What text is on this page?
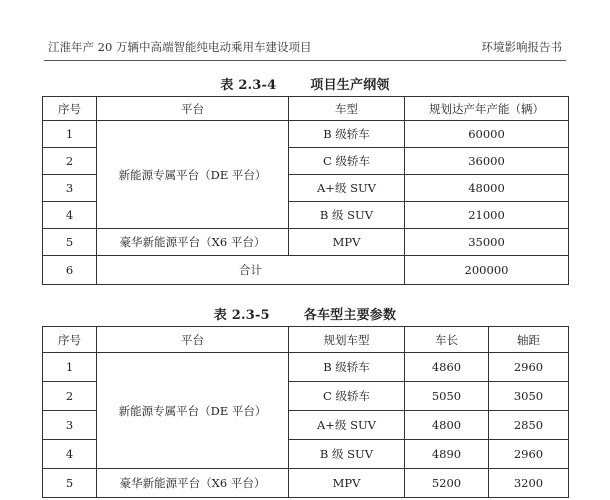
江淮年产 20 万辆中高端智能纯电动乘用车建设项目	环境影响报告书
表 2.3-4	项目生产纲领
序号	平台	车型	规划达产年产能（辆）
1	新能源专属平台（DE 平台）	B 级轿车	60000
2		C 级轿车	36000
3		A+级 SUV	48000
4		B 级 SUV	21000
5	豪华新能源平台（X6 平台）	MPV	35000
6	合计		200000
表 2.3-5	各车型主要参数
序号	平台	规划车型	车长	轴距
1	新能源专属平台（DE 平台）	B 级轿车	4860	2960
2		C 级轿车	5050	3050
3		A+级 SUV	4800	2850
4		B 级 SUV	4890	2960
5	豪华新能源平台（X6 平台）	MPV	5200	3200
